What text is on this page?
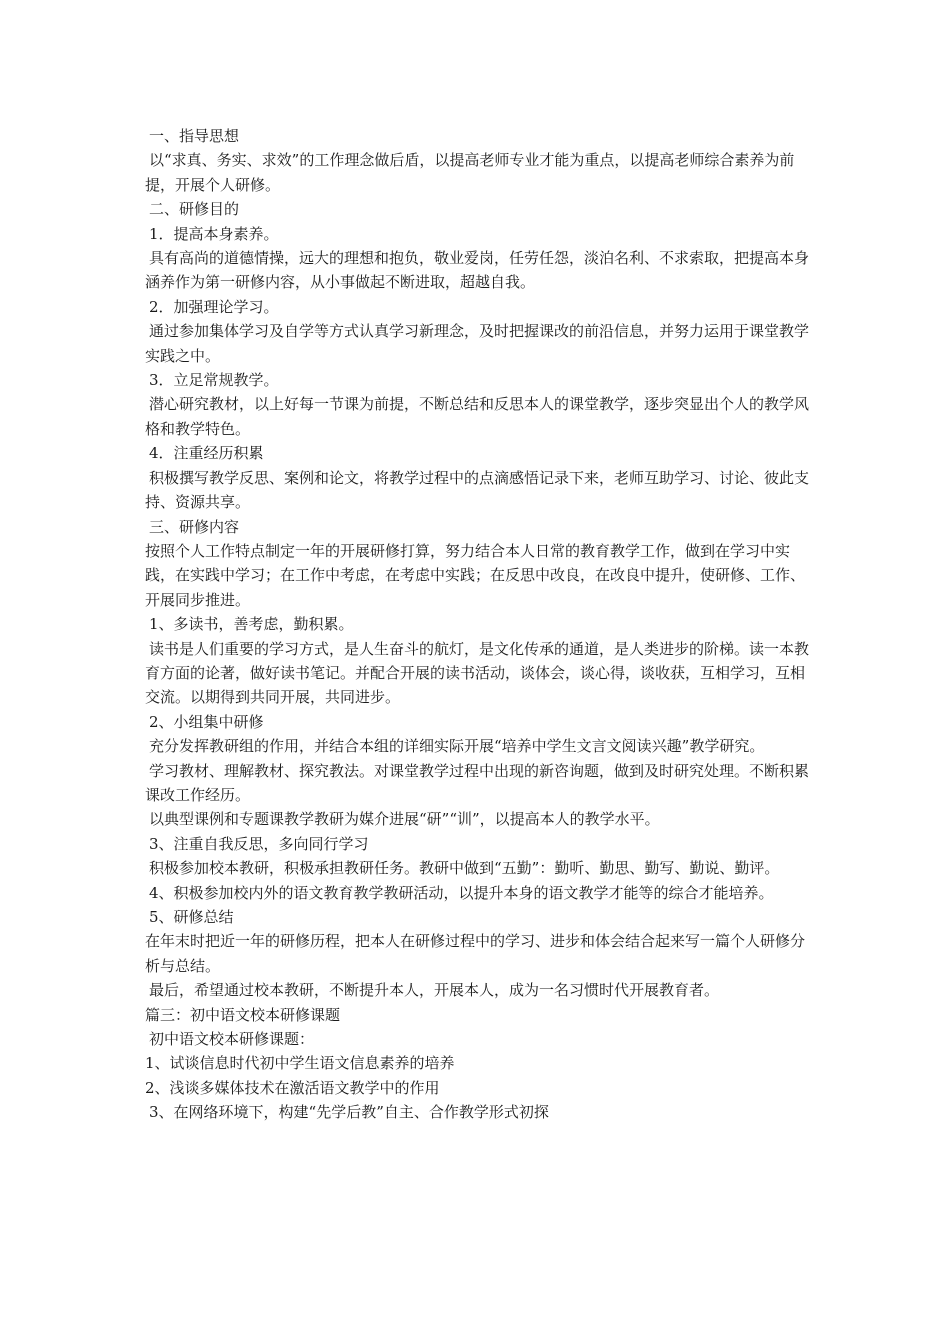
一、指导思想

以“求真、务实、求效”的工作理念做后盾，以提高老师专业才能为重点，以提高老师综合素养为前提，开展个人研修。

二、研修目的

1．提高本身素养。

具有高尚的道德情操，远大的理想和抱负，敬业爱岗，任劳任怨，淡泊名利、不求索取，把提高本身涵养作为第一研修内容，从小事做起不断进取，超越自我。

2．加强理论学习。

通过参加集体学习及自学等方式认真学习新理念，及时把握课改的前沿信息，并努力运用于课堂教学实践之中。

3．立足常规教学。

潜心研究教材，以上好每一节课为前提，不断总结和反思本人的课堂教学，逐步突显出个人的教学风格和教学特色。

4．注重经历积累

积极撰写教学反思、案例和论文，将教学过程中的点滴感悟记录下来，老师互助学习、讨论、彼此支持、资源共享。

三、研修内容

按照个人工作特点制定一年的开展研修打算，努力结合本人日常的教育教学工作，做到在学习中实践，在实践中学习；在工作中考虑，在考虑中实践；在反思中改良，在改良中提升，使研修、工作、开展同步推进。

1、多读书，善考虑，勤积累。

读书是人们重要的学习方式，是人生奋斗的航灯，是文化传承的通道，是人类进步的阶梯。读一本教育方面的论著，做好读书笔记。并配合开展的读书活动，谈体会，谈心得，谈收获，互相学习，互相交流。以期得到共同开展，共同进步。

2、小组集中研修

充分发挥教研组的作用，并结合本组的详细实际开展“培养中学生文言文阅读兴趣”教学研究。

学习教材、理解教材、探究教法。对课堂教学过程中出现的新咨询题，做到及时研究处理。不断积累课改工作经历。

以典型课例和专题课教学教研为媒介进展“研”“训”，以提高本人的教学水平。

3、注重自我反思，多向同行学习

积极参加校本教研，积极承担教研任务。教研中做到“五勤”：勤听、勤思、勤写、勤说、勤评。

4、积极参加校内外的语文教育教学教研活动，以提升本身的语文教学才能等的综合才能培养。

5、研修总结

在年末时把近一年的研修历程，把本人在研修过程中的学习、进步和体会结合起来写一篇个人研修分析与总结。

最后，希望通过校本教研，不断提升本人，开展本人，成为一名习惯时代开展教育者。

篇三：初中语文校本研修课题

初中语文校本研修课题：

1、试谈信息时代初中学生语文信息素养的培养

2、浅谈多媒体技术在激活语文教学中的作用

3、在网络环境下，构建“先学后教”自主、合作教学形式初探
